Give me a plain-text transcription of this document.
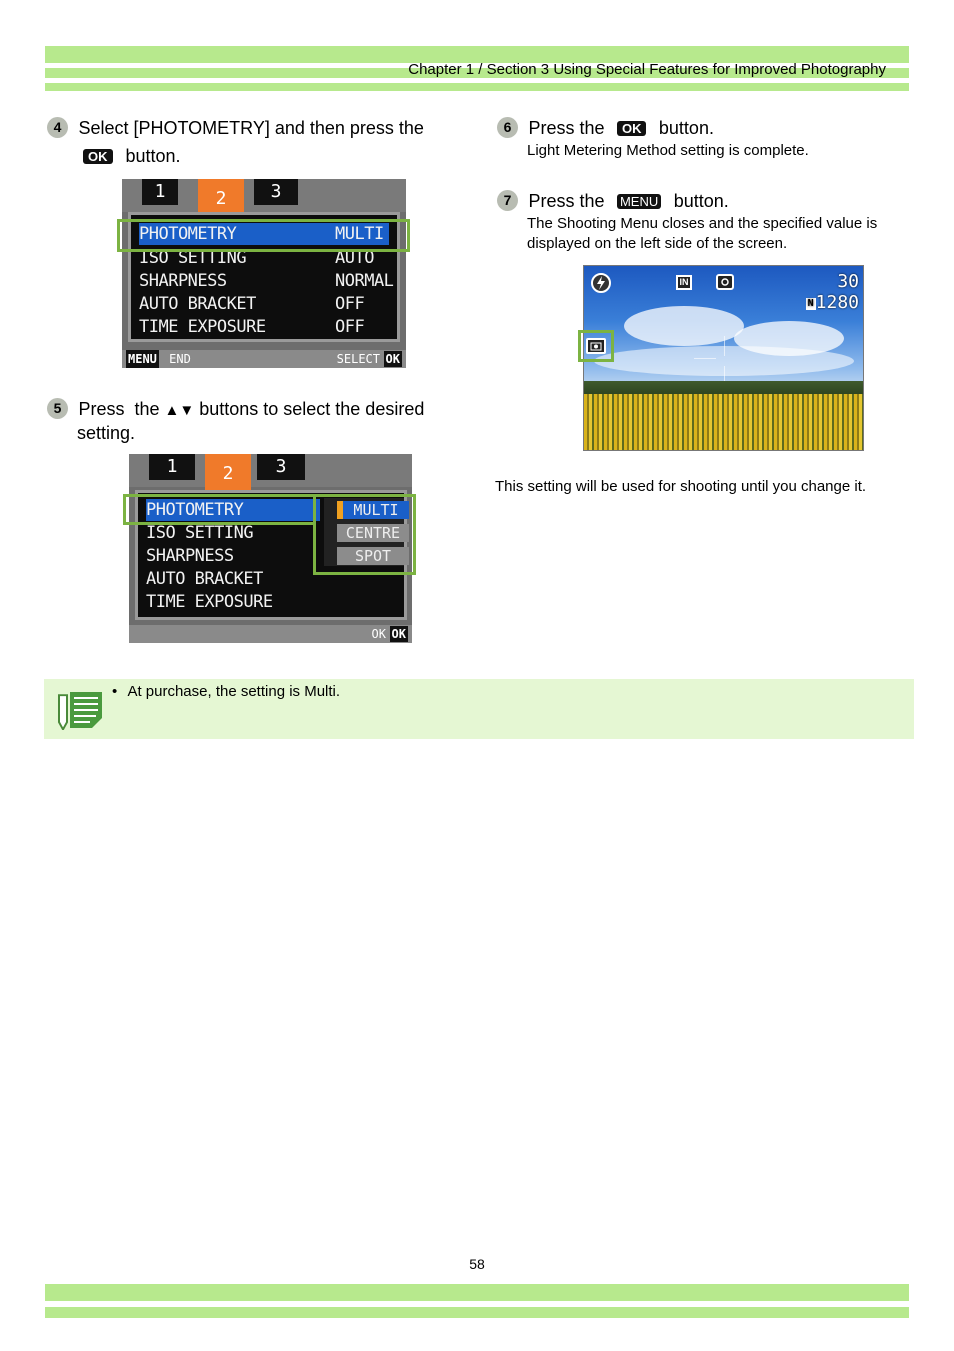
Chapter 1 / Section 3 Using Special Features for Improved Photography
4 Select [PHOTOMETRY] and then press the
OK button.
1	2	3
PHOTOMETRY	MULTI
ISO SETTING	AUTO
SHARPNESS	NORMAL
AUTO BRACKET	OFF
TIME EXPOSURE	OFF
MENU END	SELECT OK
5 Press  the ▲▼ buttons to select the desired
setting.
1	2	3
PHOTOMETRY
ISO SETTING
SHARPNESS
AUTO BRACKET
TIME EXPOSURE
MULTI
CENTRE
SPOT
OK OK
6 Press the OK button.
Light Metering Method setting is complete.
7 Press the MENU button.
The Shooting Menu closes and the specified value is
displayed on the left side of the screen.
IN	30
N 1280
This setting will be used for shooting until you change it.
• At purchase, the setting is Multi.
58
